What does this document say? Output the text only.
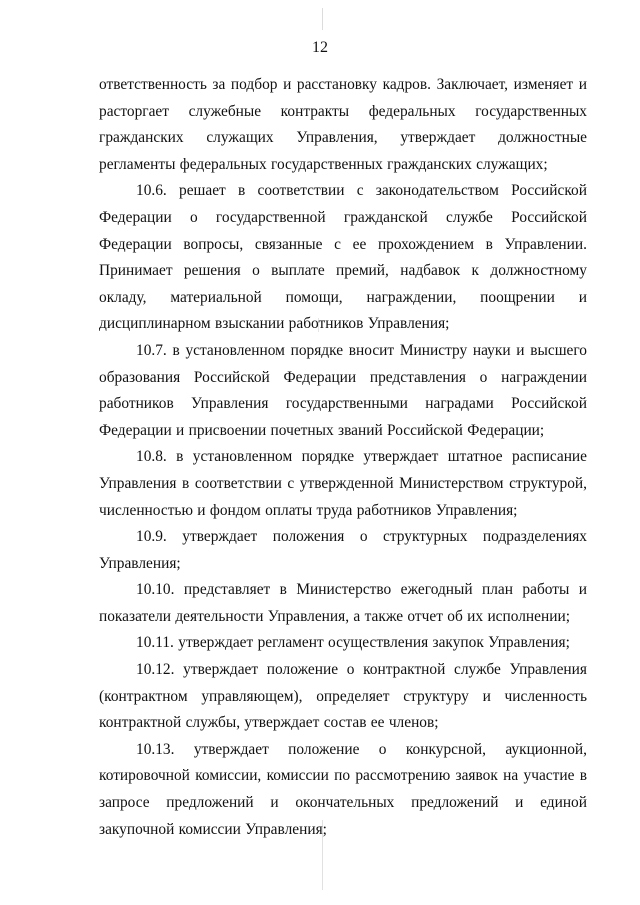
12

ответственность за подбор и расстановку кадров. Заключает, изменяет и расторгает служебные контракты федеральных государственных гражданских служащих Управления, утверждает должностные регламенты федеральных государственных гражданских служащих;

10.6. решает в соответствии с законодательством Российской Федерации о государственной гражданской службе Российской Федерации вопросы, связанные с ее прохождением в Управлении. Принимает решения о выплате премий, надбавок к должностному окладу, материальной помощи, награждении, поощрении и дисциплинарном взыскании работников Управления;

10.7. в установленном порядке вносит Министру науки и высшего образования Российской Федерации представления о награждении работников Управления государственными наградами Российской Федерации и присвоении почетных званий Российской Федерации;

10.8. в установленном порядке утверждает штатное расписание Управления в соответствии с утвержденной Министерством структурой, численностью и фондом оплаты труда работников Управления;

10.9. утверждает положения о структурных подразделениях Управления;

10.10. представляет в Министерство ежегодный план работы и показатели деятельности Управления, а также отчет об их исполнении;

10.11. утверждает регламент осуществления закупок Управления;

10.12. утверждает положение о контрактной службе Управления (контрактном управляющем), определяет структуру и численность контрактной службы, утверждает состав ее членов;

10.13. утверждает положение о конкурсной, аукционной, котировочной комиссии, комиссии по рассмотрению заявок на участие в запросе предложений и окончательных предложений и единой закупочной комиссии Управления;
